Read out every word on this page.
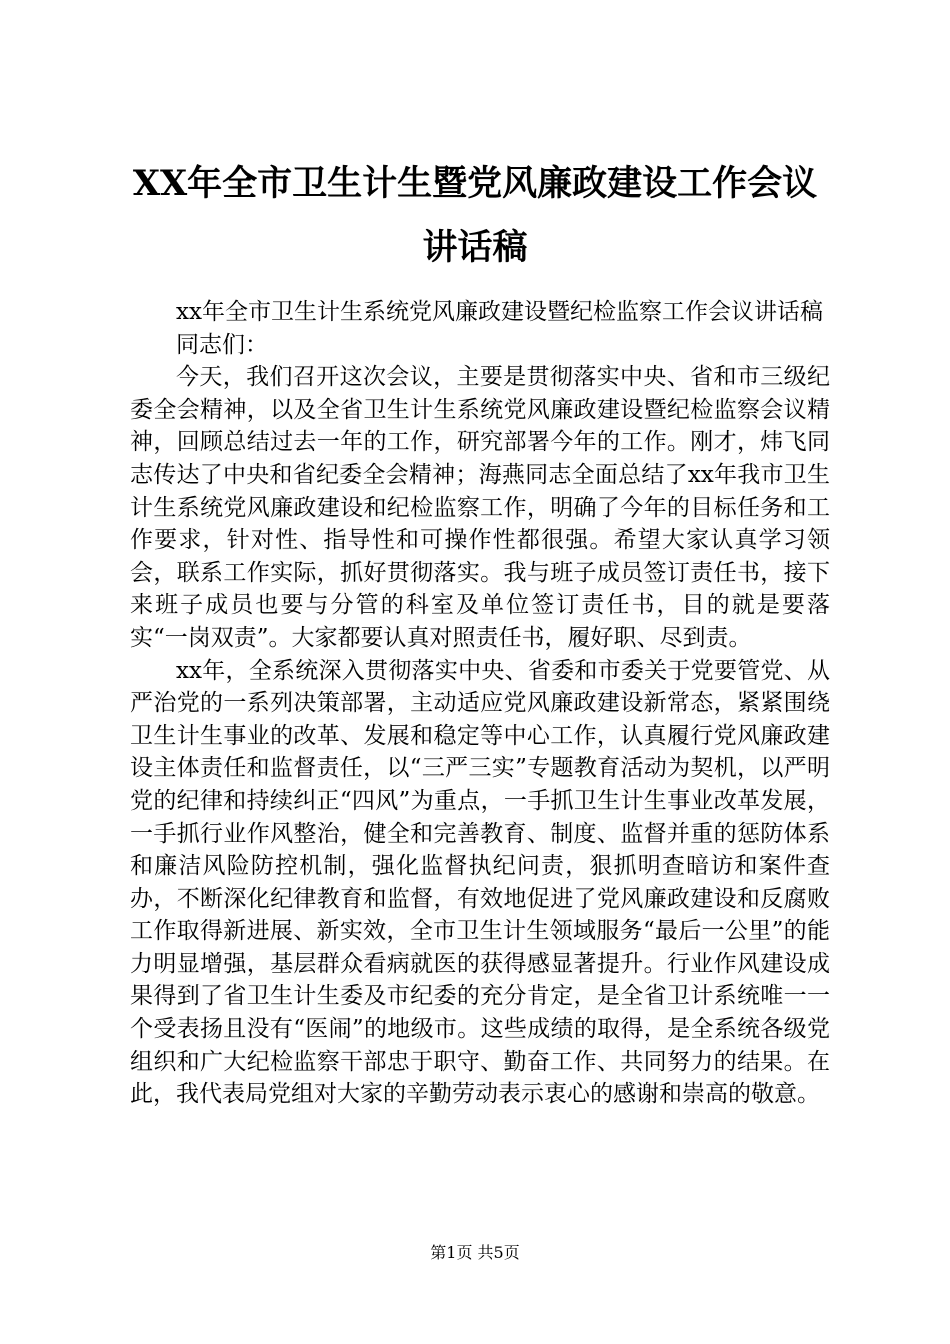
XX年全市卫生计生暨党风廉政建设工作会议
讲话稿

xx年全市卫生计生系统党风廉政建设暨纪检监察工作会议讲话稿

同志们：

今天，我们召开这次会议，主要是贯彻落实中央、省和市三级纪委全会精神，以及全省卫生计生系统党风廉政建设暨纪检监察会议精神，回顾总结过去一年的工作，研究部署今年的工作。刚才，炜飞同志传达了中央和省纪委全会精神；海燕同志全面总结了xx年我市卫生计生系统党风廉政建设和纪检监察工作，明确了今年的目标任务和工作要求，针对性、指导性和可操作性都很强。希望大家认真学习领会，联系工作实际，抓好贯彻落实。我与班子成员签订责任书，接下来班子成员也要与分管的科室及单位签订责任书，目的就是要落实“一岗双责”。大家都要认真对照责任书，履好职、尽到责。

xx年，全系统深入贯彻落实中央、省委和市委关于党要管党、从严治党的一系列决策部署，主动适应党风廉政建设新常态，紧紧围绕卫生计生事业的改革、发展和稳定等中心工作，认真履行党风廉政建设主体责任和监督责任，以“三严三实”专题教育活动为契机，以严明党的纪律和持续纠正“四风”为重点，一手抓卫生计生事业改革发展，一手抓行业作风整治，健全和完善教育、制度、监督并重的惩防体系和廉洁风险防控机制，强化监督执纪问责，狠抓明查暗访和案件查办，不断深化纪律教育和监督，有效地促进了党风廉政建设和反腐败工作取得新进展、新实效，全市卫生计生领域服务“最后一公里”的能力明显增强，基层群众看病就医的获得感显著提升。行业作风建设成果得到了省卫生计生委及市纪委的充分肯定，是全省卫计系统唯一一个受表扬且没有“医闹”的地级市。这些成绩的取得，是全系统各级党组织和广大纪检监察干部忠于职守、勤奋工作、共同努力的结果。在此，我代表局党组对大家的辛勤劳动表示衷心的感谢和崇高的敬意。

第1页 共5页
